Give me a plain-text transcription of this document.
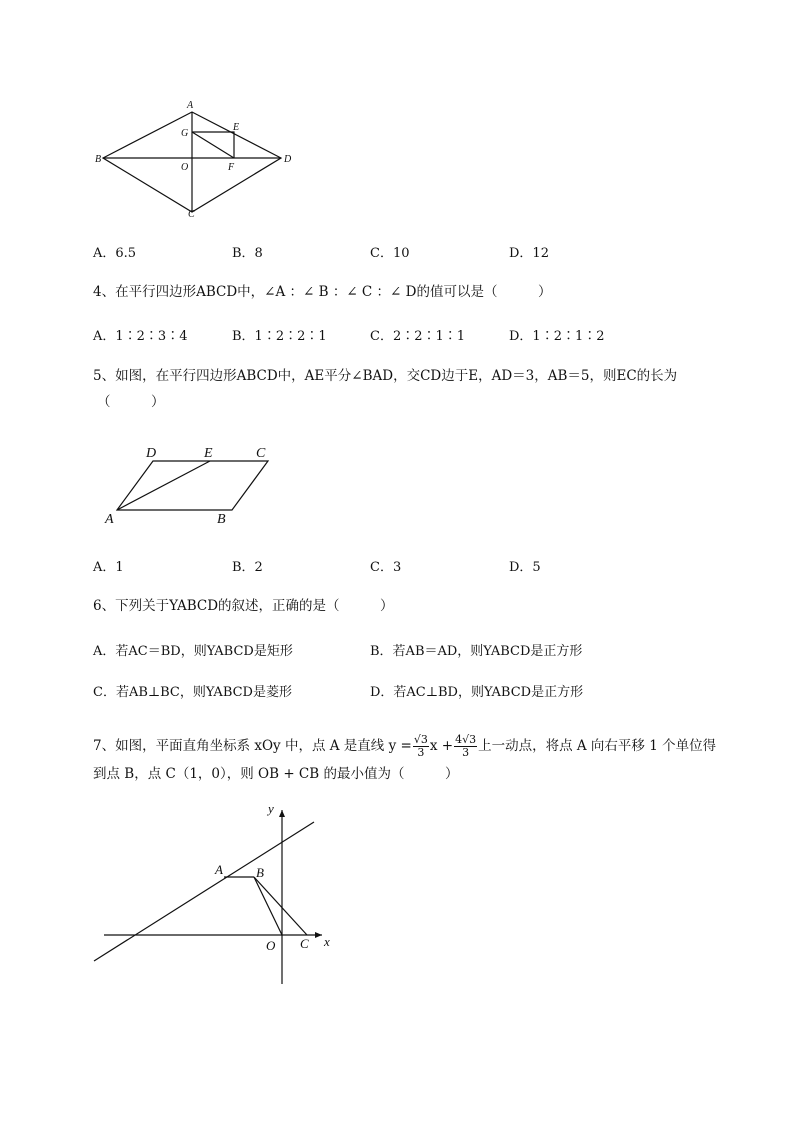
A
B
C
D
E
F
G
O
A．6.5	B．8	C．10	D．12
4、在平行四边形ABCD中，∠A ：∠ B ：∠ C ：∠ D的值可以是（　　　）
A．1∶2∶3∶4	B．1∶2∶2∶1	C．2∶2∶1∶1	D．1∶2∶1∶2
5、如图，在平行四边形ABCD中，AE平分∠BAD，交CD边于E，AD＝3，AB＝5，则EC的长为
（　　　）
D	E	C
A	B
A．1	B．2	C．3	D．5
6、下列关于YABCD的叙述，正确的是（　　　）
A．若AC＝BD，则YABCD是矩形	B．若AB＝AD，则YABCD是正方形
C．若AB⊥BC，则YABCD是菱形	D．若AC⊥BD，则YABCD是正方形
7、如图，平面直角坐标系 xOy 中，点 A 是直线 $y = \frac{√3}{3}$ $x + \frac{4√3}{3}$ 上一动点，将点 A 向右平移 1 个单位得
到点 B，点 C（1，0），则 OB + CB 的最小值为（　　　）
y
x
A	B
O C
